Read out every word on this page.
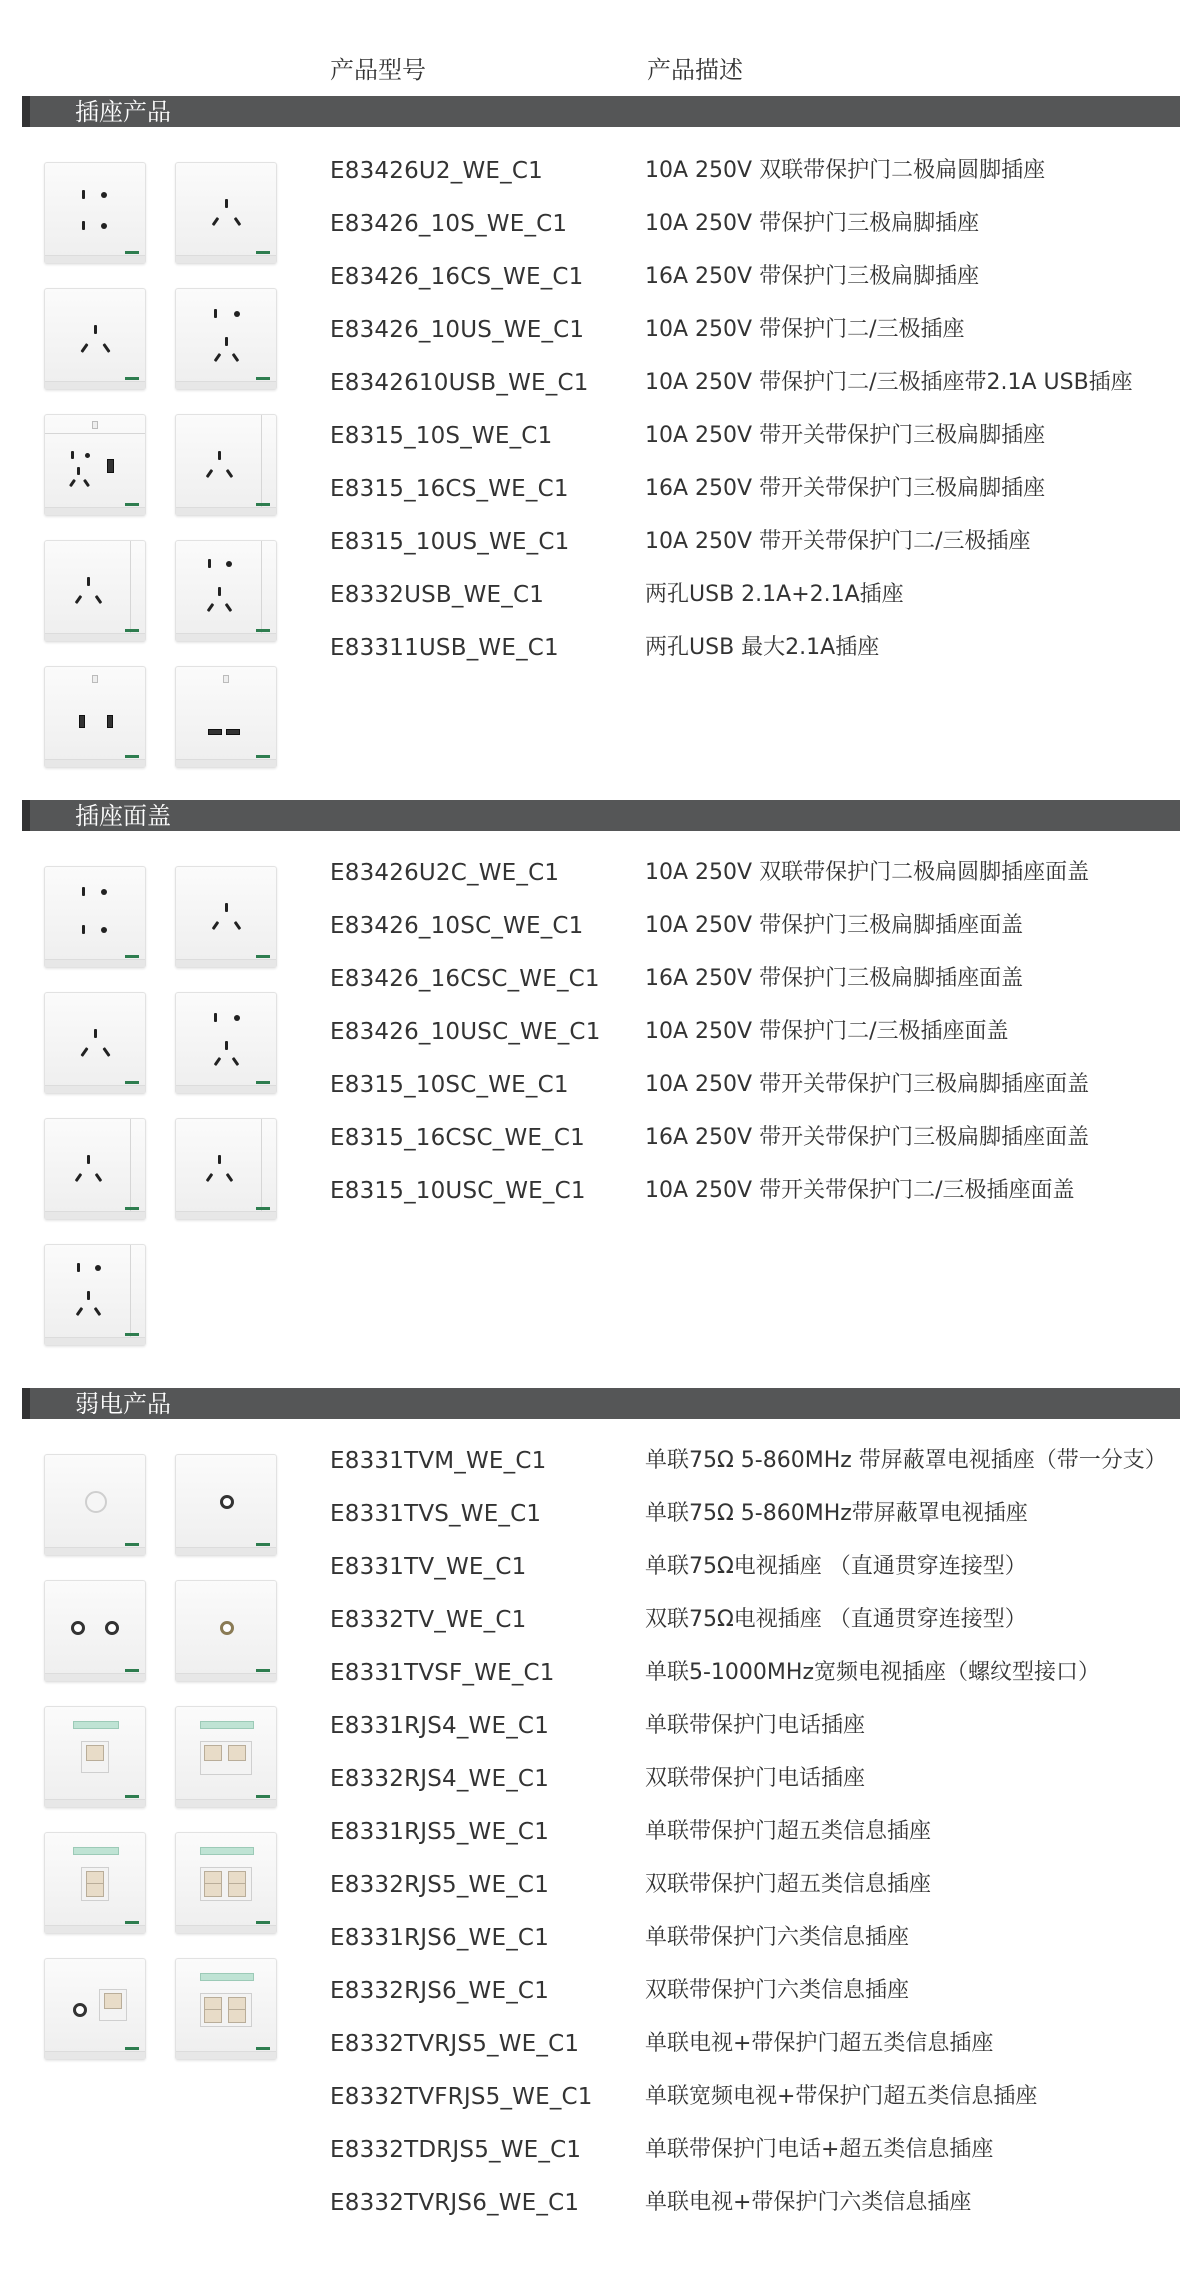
产品型号	产品描述
插座产品
E83426U2_WE_C1	10A 250V 双联带保护门二极扁圆脚插座
E83426_10S_WE_C1	10A 250V 带保护门三极扁脚插座
E83426_16CS_WE_C1	16A 250V 带保护门三极扁脚插座
E83426_10US_WE_C1	10A 250V 带保护门二/三极插座
E8342610USB_WE_C1	10A 250V 带保护门二/三极插座带2.1A USB插座
E8315_10S_WE_C1	10A 250V 带开关带保护门三极扁脚插座
E8315_16CS_WE_C1	16A 250V 带开关带保护门三极扁脚插座
E8315_10US_WE_C1	10A 250V 带开关带保护门二/三极插座
E8332USB_WE_C1	两孔USB 2.1A+2.1A插座
E83311USB_WE_C1	两孔USB 最大2.1A插座
插座面盖
E83426U2C_WE_C1	10A 250V 双联带保护门二极扁圆脚插座面盖
E83426_10SC_WE_C1	10A 250V 带保护门三极扁脚插座面盖
E83426_16CSC_WE_C1 16A 250V 带保护门三极扁脚插座面盖
E83426_10USC_WE_C1 10A 250V 带保护门二/三极插座面盖
E8315_10SC_WE_C1	10A 250V 带开关带保护门三极扁脚插座面盖
E8315_16CSC_WE_C1	16A 250V 带开关带保护门三极扁脚插座面盖
E8315_10USC_WE_C1	10A 250V 带开关带保护门二/三极插座面盖
弱电产品
E8331TVM_WE_C1	单联75Ω 5-860MHz 带屏蔽罩电视插座（带一分支）
E8331TVS_WE_C1	单联75Ω 5-860MHz带屏蔽罩电视插座
E8331TV_WE_C1	单联75Ω电视插座 （直通贯穿连接型）
E8332TV_WE_C1	双联75Ω电视插座 （直通贯穿连接型）
E8331TVSF_WE_C1	单联5-1000MHz宽频电视插座（螺纹型接口）
E8331RJS4_WE_C1	单联带保护门电话插座
E8332RJS4_WE_C1	双联带保护门电话插座
E8331RJS5_WE_C1	单联带保护门超五类信息插座
E8332RJS5_WE_C1	双联带保护门超五类信息插座
E8331RJS6_WE_C1	单联带保护门六类信息插座
E8332RJS6_WE_C1	双联带保护门六类信息插座
E8332TVRJS5_WE_C1	单联电视+带保护门超五类信息插座
E8332TVFRJS5_WE_C1 单联宽频电视+带保护门超五类信息插座
E8332TDRJS5_WE_C1	单联带保护门电话+超五类信息插座
E8332TVRJS6_WE_C1	单联电视+带保护门六类信息插座
